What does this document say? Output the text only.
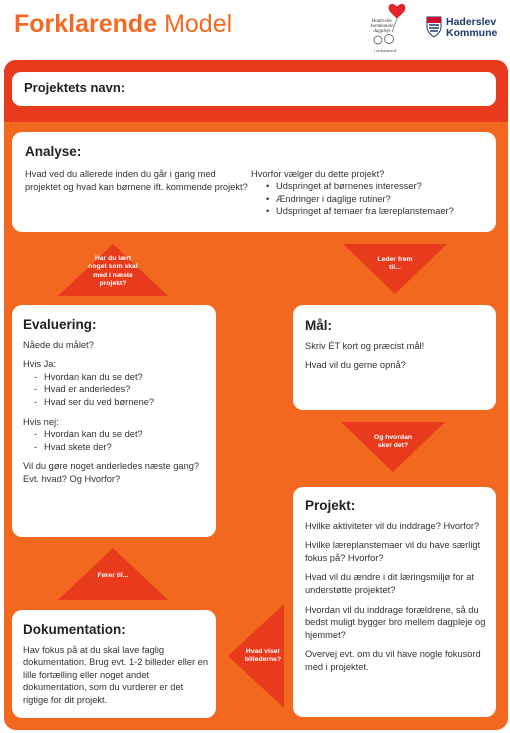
Forklarende Model	Haderslev
kommunale
dagpleje
i en kunstveck
Haderslev
Kommune
Projektets navn:
Analyse:

Hvad ved du allerede inden du går i gang med projektet og hvad kan børnene ift. kommende projekt?

Hvorfor vælger du dette projekt?

• Udspringet af børnenes interesser?
• Ændringer i daglige rutiner?
• Udspringet af temaer fra læreplanstemaer?
Har du lært noget som skal med i næste projekt?
Leder frem til...
Evaluering:

Nåede du målet?

Hvis Ja:
- Hvordan kan du se det?
- Hvad er anderledes?
- Hvad ser du ved børnene?
Hvis nej:
- Hvordan kan du se det?
- Hvad skete der?

Vil du gøre noget anderledes næste gang? Evt. hvad? Og Hvorfor?

Mål:

Skriv ÉT kort og præcist mål!

Hvad vil du gerne opnå?

Og hvordan sker det?
Projekt:

Hvilke aktiviteter vil du inddrage? Hvorfor?

Hvilke læreplanstemaer vil du have særligt fokus på? Hvorfor?

Hvad vil du ændre i dit læringsmiljø for at understøtte projektet?

Hvordan vil du inddrage forældrene, så du bedst muligt bygger bro mellem dagpleje og hjemmet?

Overvej evt. om du vil have nogle fokusord med i projektet.

Fører til...
Hvad viser billederne?
Dokumentation:

Hav fokus på at du skal lave faglig dokumentation. Brug evt. 1-2 billeder eller en lille fortælling eller noget andet dokumentation, som du vurderer er det rigtige for dit projekt.
